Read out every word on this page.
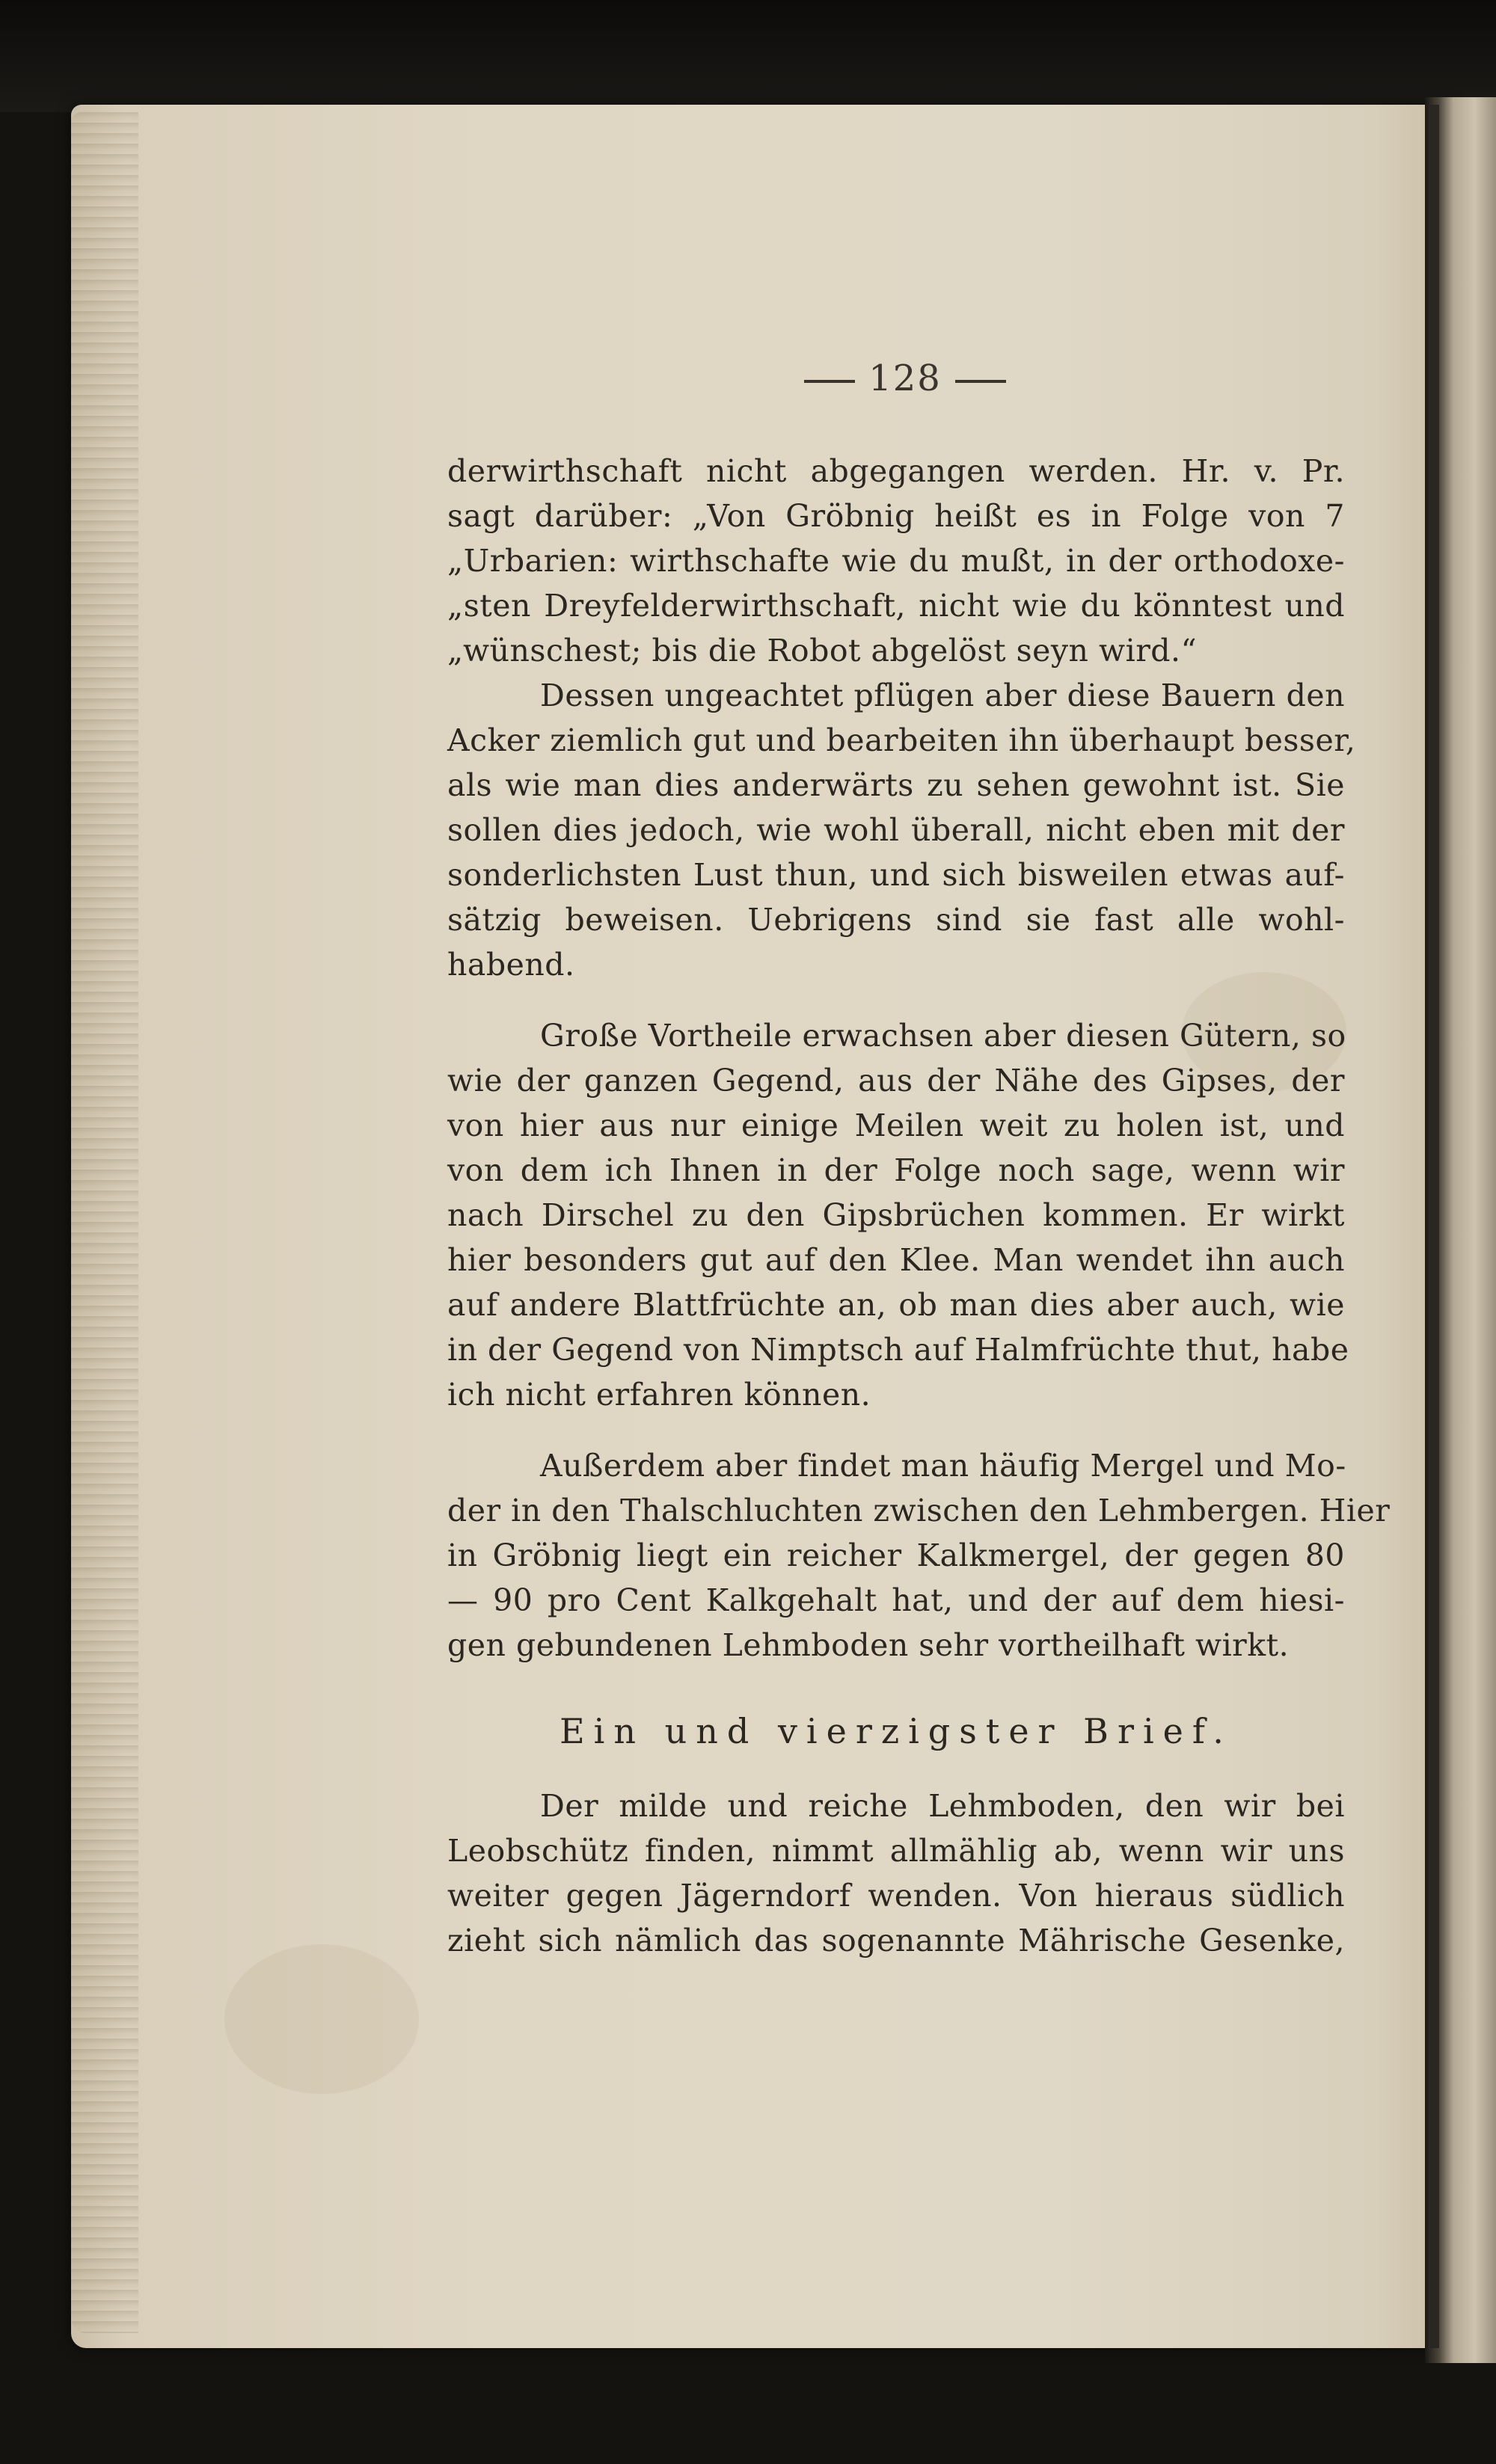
128
derwirthschaft nicht abgegangen werden. Hr. v. Pr.
sagt darüber: „Von Gröbnig heißt es in Folge von 7
„Urbarien: wirthschafte wie du mußt, in der orthodoxe-
„sten Dreyfelderwirthschaft, nicht wie du könntest und
„wünschest; bis die Robot abgelöst seyn wird.“
Dessen ungeachtet pflügen aber diese Bauern den
Acker ziemlich gut und bearbeiten ihn überhaupt besser,
als wie man dies anderwärts zu sehen gewohnt ist. Sie
sollen dies jedoch, wie wohl überall, nicht eben mit der
sonderlichsten Lust thun, und sich bisweilen etwas auf-
sätzig beweisen. Uebrigens sind sie fast alle wohl-
habend.
Große Vortheile erwachsen aber diesen Gütern, so
wie der ganzen Gegend, aus der Nähe des Gipses, der
von hier aus nur einige Meilen weit zu holen ist, und
von dem ich Ihnen in der Folge noch sage, wenn wir
nach Dirschel zu den Gipsbrüchen kommen. Er wirkt
hier besonders gut auf den Klee. Man wendet ihn auch
auf andere Blattfrüchte an, ob man dies aber auch, wie
in der Gegend von Nimptsch auf Halmfrüchte thut, habe
ich nicht erfahren können.
Außerdem aber findet man häufig Mergel und Mo-
der in den Thalschluchten zwischen den Lehmbergen. Hier
in Gröbnig liegt ein reicher Kalkmergel, der gegen 80
— 90 pro Cent Kalkgehalt hat, und der auf dem hiesi-
gen gebundenen Lehmboden sehr vortheilhaft wirkt.
Ein und vierzigster Brief.
Der milde und reiche Lehmboden, den wir bei
Leobschütz finden, nimmt allmählig ab, wenn wir uns
weiter gegen Jägerndorf wenden. Von hieraus südlich
zieht sich nämlich das sogenannte Mährische Gesenke,
